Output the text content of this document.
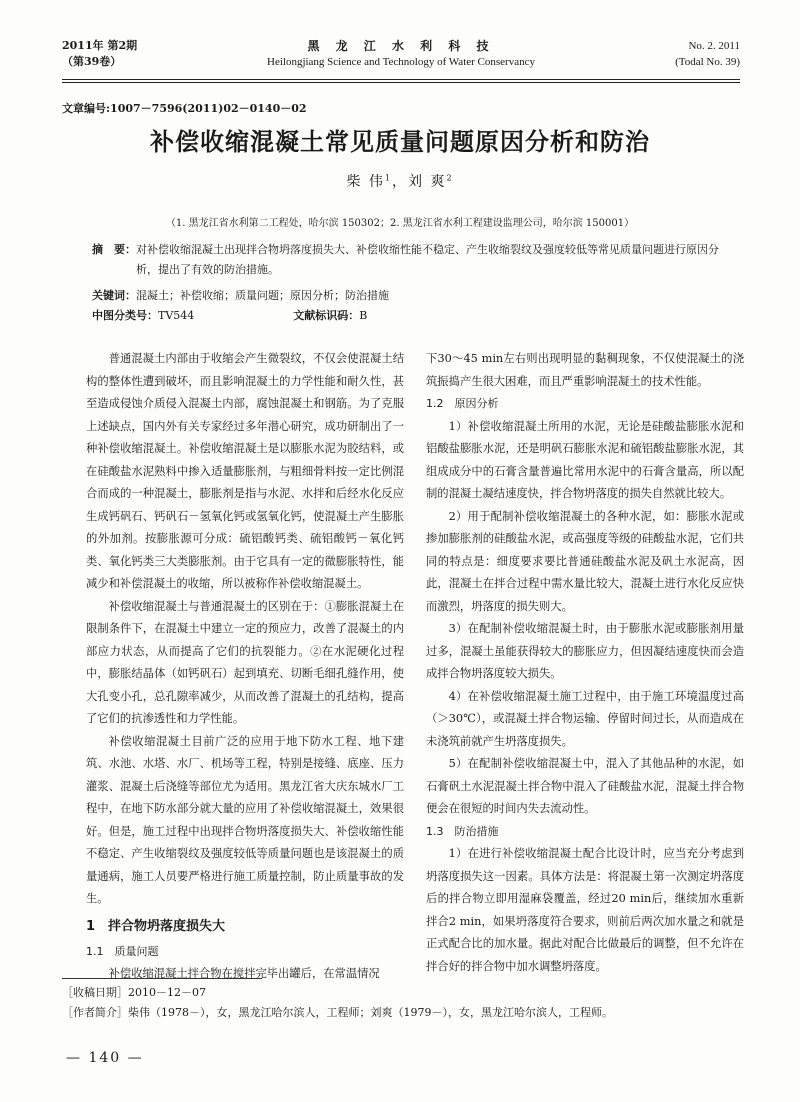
2011年 第2期
（第39卷）
黑 龙 江 水 利 科 技
Heilongjiang Science and Technology of Water Conservancy
No. 2. 2011
(Todal No. 39)
文章编号:1007－7596(2011)02－0140－02
补偿收缩混凝土常见质量问题原因分析和防治
柴 伟$^1$，刘 爽$^2$
（1. 黑龙江省水利第二工程处，哈尔滨 150302；2. 黑龙江省水利工程建设监理公司，哈尔滨 150001）
摘　要： 对补偿收缩混凝土出现拌合物坍落度损失大、补偿收缩性能不稳定、产生收缩裂纹及强度较低等常见质量问题进行原因分析，提出了有效的防治措施。
关键词：混凝土；补偿收缩；质量问题；原因分析；防治措施
中图分类号：TV544	文献标识码：B

普通混凝土内部由于收缩会产生微裂纹，不仅会使混凝土结构的整体性遭到破坏，而且影响混凝土的力学性能和耐久性，甚至造成侵蚀介质侵入混凝土内部，腐蚀混凝土和钢筋。为了克服上述缺点，国内外有关专家经过多年潜心研究，成功研制出了一种补偿收缩混凝土。补偿收缩混凝土是以膨胀水泥为胶结料，或在硅酸盐水泥熟料中掺入适量膨胀剂，与粗细骨料按一定比例混合而成的一种混凝土，膨胀剂是指与水泥、水拌和后经水化反应生成钙矾石、钙矾石－氢氧化钙或氢氧化钙，使混凝土产生膨胀的外加剂。按膨胀源可分成：硫铝酸钙类、硫铝酸钙－氧化钙类、氧化钙类三大类膨胀剂。由于它具有一定的微膨胀特性，能减少和补偿混凝土的收缩，所以被称作补偿收缩混凝土。

补偿收缩混凝土与普通混凝土的区别在于：①膨胀混凝土在限制条件下，在混凝土中建立一定的预应力，改善了混凝土的内部应力状态，从而提高了它们的抗裂能力。②在水泥硬化过程中，膨胀结晶体（如钙矾石）起到填充、切断毛细孔缝作用，使大孔变小孔，总孔隙率减少，从而改善了混凝土的孔结构，提高了它们的抗渗透性和力学性能。

补偿收缩混凝土目前广泛的应用于地下防水工程、地下建筑、水池、水塔、水厂、机场等工程，特别是接缝、底座、压力灌浆、混凝土后浇缝等部位尤为适用。黑龙江省大庆东城水厂工程中，在地下防水部分就大量的应用了补偿收缩混凝土，效果很好。但是，施工过程中出现拌合物坍落度损失大、补偿收缩性能不稳定、产生收缩裂纹及强度较低等质量问题也是该混凝土的质量通病，施工人员要严格进行施工质量控制，防止质量事故的发生。

1　拌合物坍落度损失大

1.1　质量问题

补偿收缩混凝土拌合物在搅拌完毕出罐后，在常温情况

下30～45 min左右则出现明显的黏稠现象，不仅使混凝土的浇筑振捣产生很大困难，而且严重影响混凝土的技术性能。

1.2　原因分析

1）补偿收缩混凝土所用的水泥，无论是硅酸盐膨胀水泥和铝酸盐膨胀水泥，还是明矾石膨胀水泥和硫铝酸盐膨胀水泥，其组成成分中的石膏含量普遍比常用水泥中的石膏含量高，所以配制的混凝土凝结速度快，拌合物坍落度的损失自然就比较大。

2）用于配制补偿收缩混凝土的各种水泥，如：膨胀水泥或掺加膨胀剂的硅酸盐水泥，或高强度等级的硅酸盐水泥，它们共同的特点是：细度要求要比普通硅酸盐水泥及矾土水泥高，因此，混凝土在拌合过程中需水量比较大，混凝土进行水化反应快而激烈，坍落度的损失则大。

3）在配制补偿收缩混凝土时，由于膨胀水泥或膨胀剂用量过多，混凝土虽能获得较大的膨胀应力，但因凝结速度快而会造成拌合物坍落度较大损失。

4）在补偿收缩混凝土施工过程中，由于施工环境温度过高（＞30℃），或混凝土拌合物运输、停留时间过长，从而造成在未浇筑前就产生坍落度损失。

5）在配制补偿收缩混凝土中，混入了其他品种的水泥，如石膏矾土水泥混凝土拌合物中混入了硅酸盐水泥，混凝土拌合物便会在很短的时间内失去流动性。

1.3　防治措施

1）在进行补偿收缩混凝土配合比设计时，应当充分考虑到坍落度损失这一因素。具体方法是：将混凝土第一次测定坍落度后的拌合物立即用湿麻袋覆盖，经过20 min后，继续加水重新拌合2 min，如果坍落度符合要求，则前后两次加水量之和就是正式配合比的加水量。据此对配合比做最后的调整，但不允许在拌合好的拌合物中加水调整坍落度。

［收稿日期］2010－12－07
［作者简介］柴伟（1978－），女，黑龙江哈尔滨人，工程师；刘爽（1979－），女，黑龙江哈尔滨人，工程师。
— 140 —
